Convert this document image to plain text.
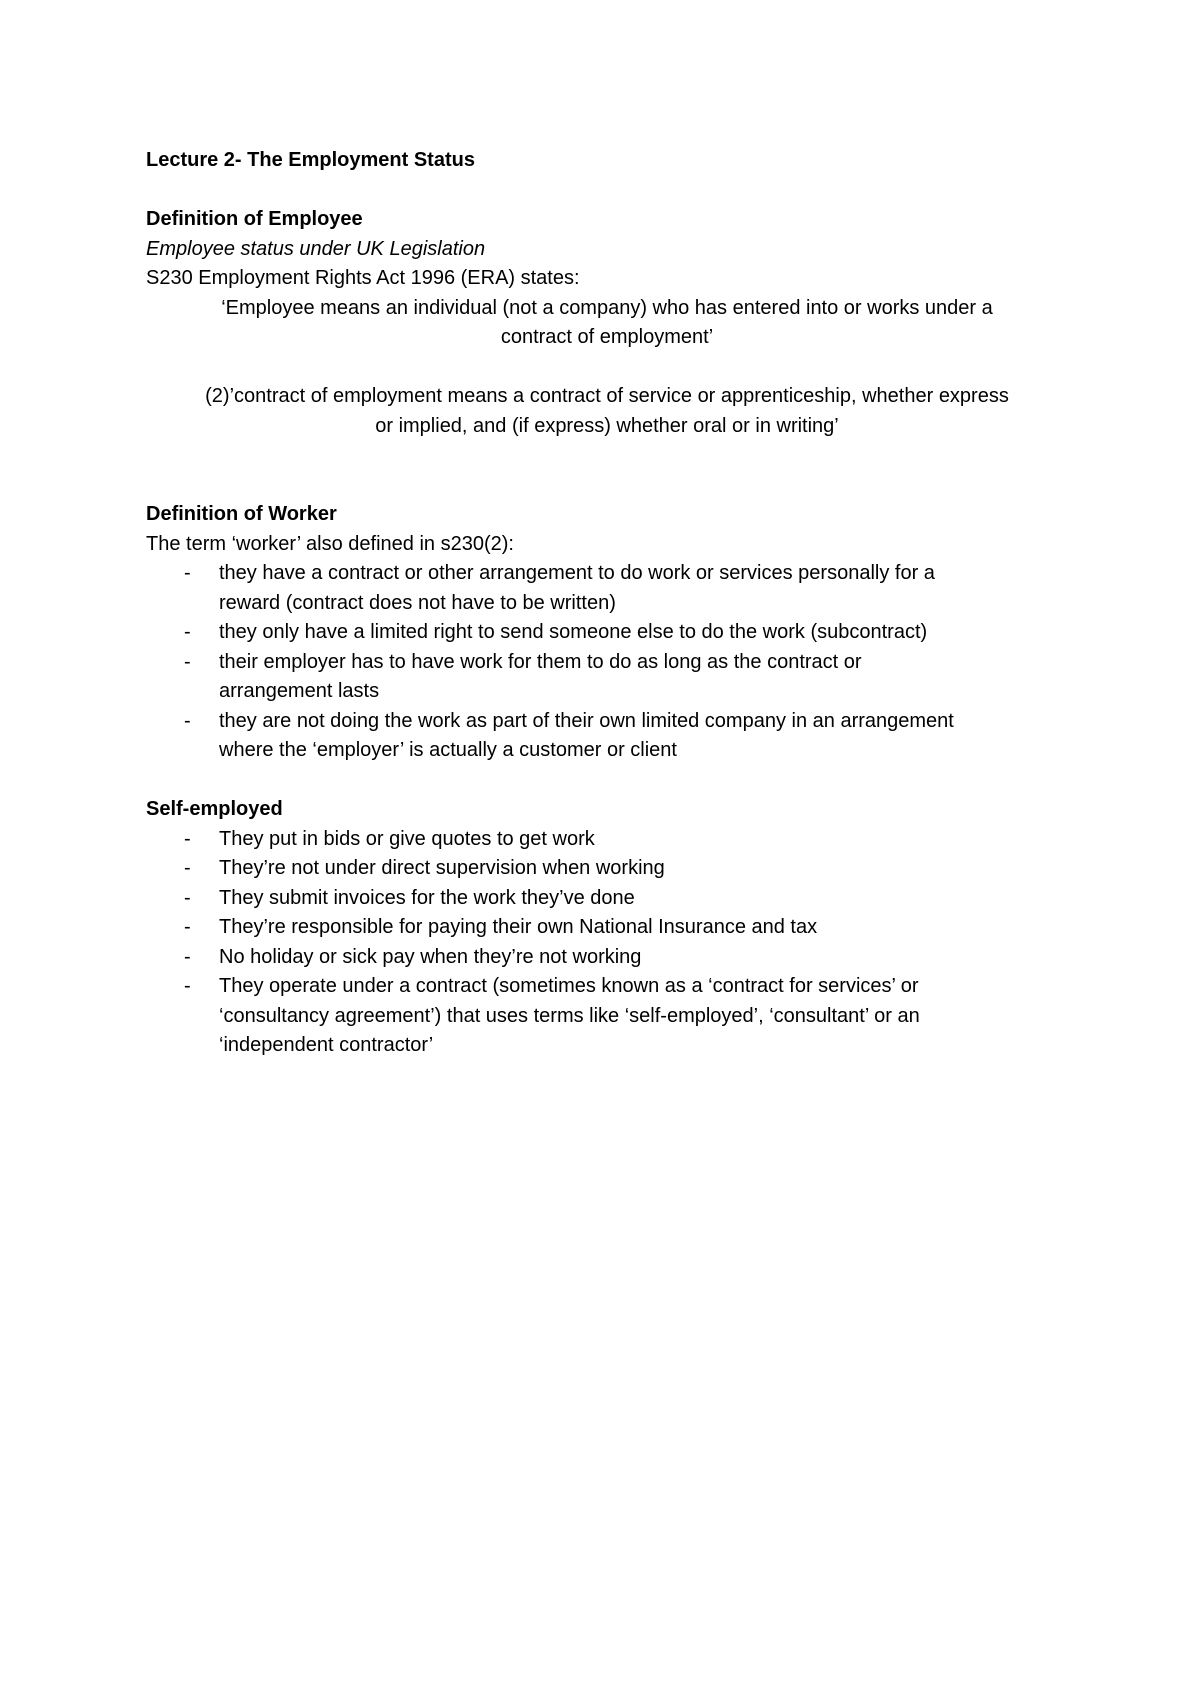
Lecture 2- The Employment Status
Definition of Employee
Employee status under UK Legislation
S230 Employment Rights Act 1996 (ERA) states:
‘Employee means an individual (not a company) who has entered into or works under a
contract of employment’
(2)’contract of employment means a contract of service or apprenticeship, whether express
or implied, and (if express) whether oral or in writing’
Definition of Worker
The term ‘worker’ also defined in s230(2):
- they have a contract or other arrangement to do work or services personally for a
reward (contract does not have to be written)
- they only have a limited right to send someone else to do the work (subcontract)
- their employer has to have work for them to do as long as the contract or
arrangement lasts
- they are not doing the work as part of their own limited company in an arrangement
where the ‘employer’ is actually a customer or client
Self-employed
- They put in bids or give quotes to get work
- They’re not under direct supervision when working
- They submit invoices for the work they’ve done
- They’re responsible for paying their own National Insurance and tax
- No holiday or sick pay when they’re not working
- They operate under a contract (sometimes known as a ‘contract for services’ or
‘consultancy agreement’) that uses terms like ‘self-employed’, ‘consultant’ or an
‘independent contractor’
